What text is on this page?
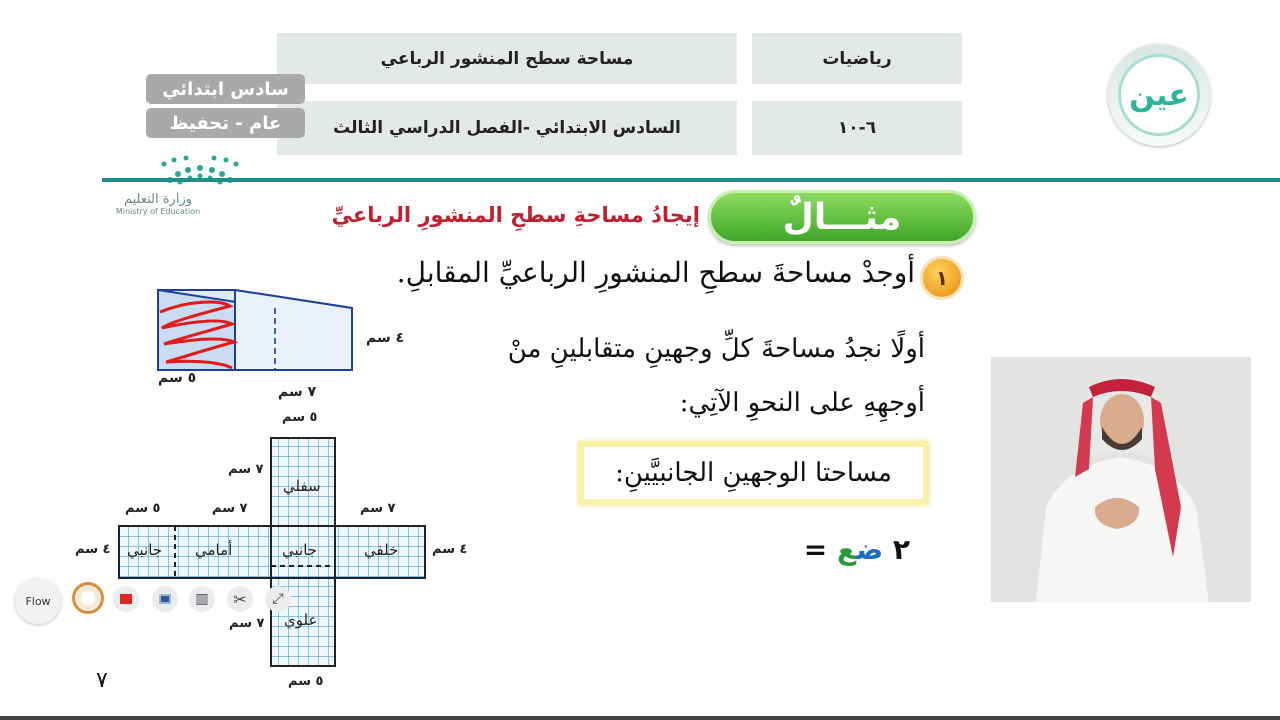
مساحة سطح المنشور الرباعي	رياضيات
السادس الابتدائي -الفصل الدراسي الثالث	٦-١٠
عين
سادس ابتدائي
عام - تحفيظ
وزارة التعليم
Ministry of Education	مثـــالٌ
إيجادُ مساحةِ سطحِ المنشورِ الرباعيِّ
١
أوجدْ مساحةَ سطحِ المنشورِ الرباعيِّ المقابلِ.
٤ سم
٥ سم
٧ سم
سفلي
جانبي أمامي	جانبي	خلفي
علوي
٥ سم
٧ سم
٧ سم
٥ سم
٤ سم
٧ سم
٤ سم
٧ سم
٥ سم
أولًا نجدُ مساحةَ كلِّ وجهينِ متقابلينِ منْ
أوجهِهِ على النحوِ الآتِي:
مساحتا الوجهينِ الجانبيَّينِ:
٢ ضع =
Flow	▥ ✂ ⤢
٧
